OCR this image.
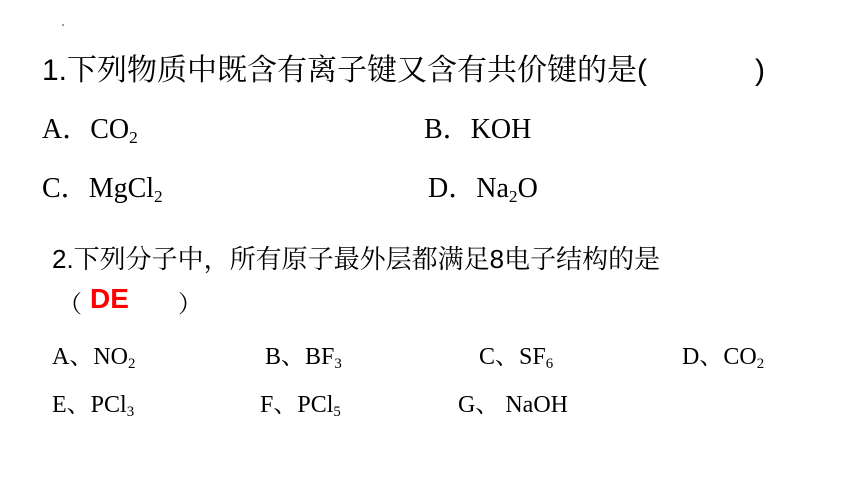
1.下列物质中既含有离子键又含有共价键的是(	)
A．$CO_2$	B．KOH
C．MgCl$_2$	D．$Na_2O$
2.下列分子中，所有原子最外层都满足8电子结构的是
（ DE ）
A、$NO_2$	B、$BF_3$	C、$SF_6$	D、$CO_2$
E、PCl$_3$	F、PCl$_5$	G、 NaOH
